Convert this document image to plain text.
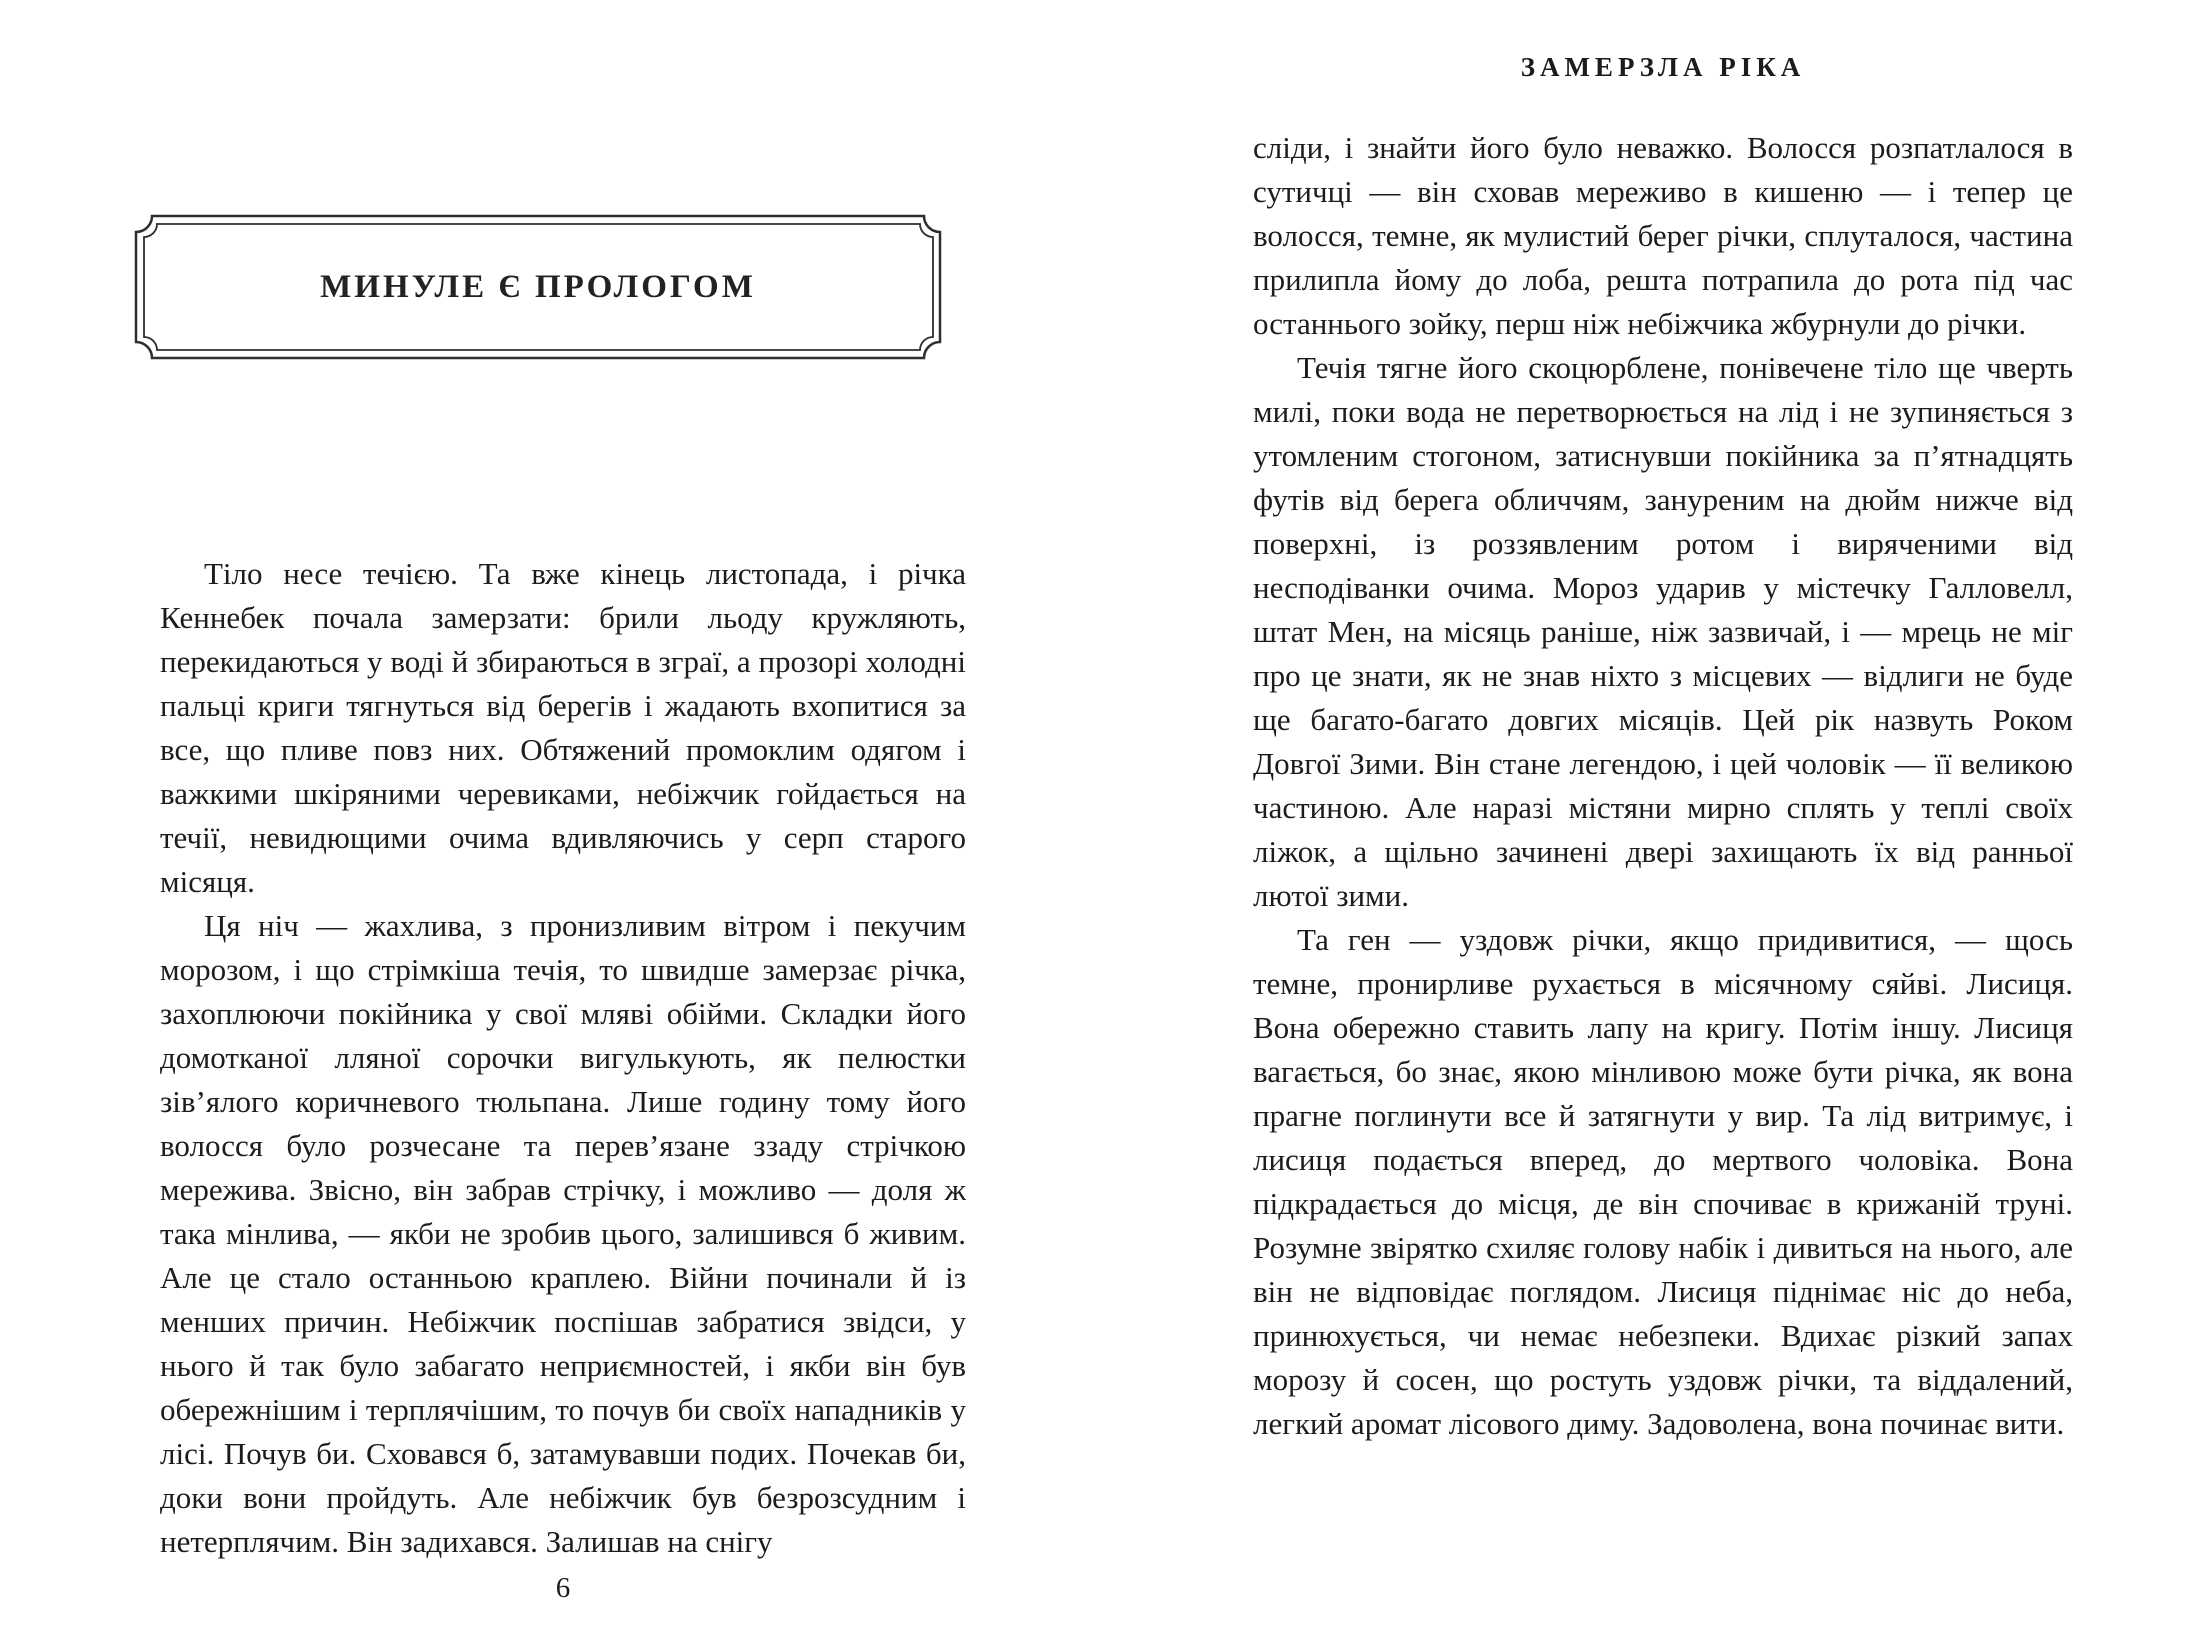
МИНУЛЕ Є ПРОЛОГОМ

Тіло несе течією. Та вже кінець листопада, і річка Кеннебек почала замерзати: брили льоду кружляють, перекидаються у воді й збираються в зграї, а прозорі холодні пальці криги тягнуться від берегів і жадають вхопитися за все, що пливе повз них. Обтяжений промоклим одягом і важкими шкіряними черевиками, небіжчик гойдається на течії, невидющими очима вдивляючись у серп старого місяця.

Ця ніч — жахлива, з пронизливим вітром і пекучим морозом, і що стрімкіша течія, то швидше замерзає річка, захоплюючи покійника у свої мляві обійми. Складки його домотканої лляної сорочки вигулькують, як пелюстки зів’ялого коричневого тюльпана. Лише годину тому його волосся було розчесане та перев’язане ззаду стрічкою мережива. Звісно, він забрав стрічку, і можливо — доля ж така мінлива, — якби не зробив цього, залишився б живим. Але це стало останньою краплею. Війни починали й із менших причин. Небіжчик поспішав забратися звідси, у нього й так було забагато неприємностей, і якби він був обережнішим і терплячішим, то почув би своїх нападників у лісі. Почув би. Сховався б, затамувавши подих. Почекав би, доки вони пройдуть. Але небіжчик був безрозсудним і нетерплячим. Він задихався. Залишав на снігу

6
ЗАМЕРЗЛА РІКА

сліди, і знайти його було неважко. Волосся розпатлалося в сутичці — він сховав мереживо в кишеню — і тепер це волосся, темне, як мулистий берег річки, сплуталося, частина прилипла йому до лоба, решта потрапила до рота під час останнього зойку, перш ніж небіжчика жбурнули до річки.

Течія тягне його скоцюрблене, понівечене тіло ще чверть милі, поки вода не перетворюється на лід і не зупиняється з утомленим стогоном, затиснувши покійника за п’ятнадцять футів від берега обличчям, зануреним на дюйм нижче від поверхні, із роззявленим ротом і виряченими від несподіванки очима. Мороз ударив у містечку Галловелл, штат Мен, на місяць раніше, ніж зазвичай, і — мрець не міг про це знати, як не знав ніхто з місцевих — відлиги не буде ще багато-багато довгих місяців. Цей рік назвуть Роком Довгої Зими. Він стане легендою, і цей чоловік — її великою частиною. Але наразі містяни мирно сплять у теплі своїх ліжок, а щільно зачинені двері захищають їх від ранньої лютої зими.

Та ген — уздовж річки, якщо придивитися, — щось темне, пронирливе рухається в місячному сяйві. Лисиця. Вона обережно ставить лапу на кригу. Потім іншу. Лисиця вагається, бо знає, якою мінливою може бути річка, як вона прагне поглинути все й затягнути у вир. Та лід витримує, і лисиця подається вперед, до мертвого чоловіка. Вона підкрадається до місця, де він спочиває в крижаній труні. Розумне звірятко схиляє голову набік і дивиться на нього, але він не відповідає поглядом. Лисиця піднімає ніс до неба, принюхується, чи немає небезпеки. Вдихає різкий запах морозу й сосен, що ростуть уздовж річки, та віддалений, легкий аромат лісового диму. Задоволена, вона починає вити.
